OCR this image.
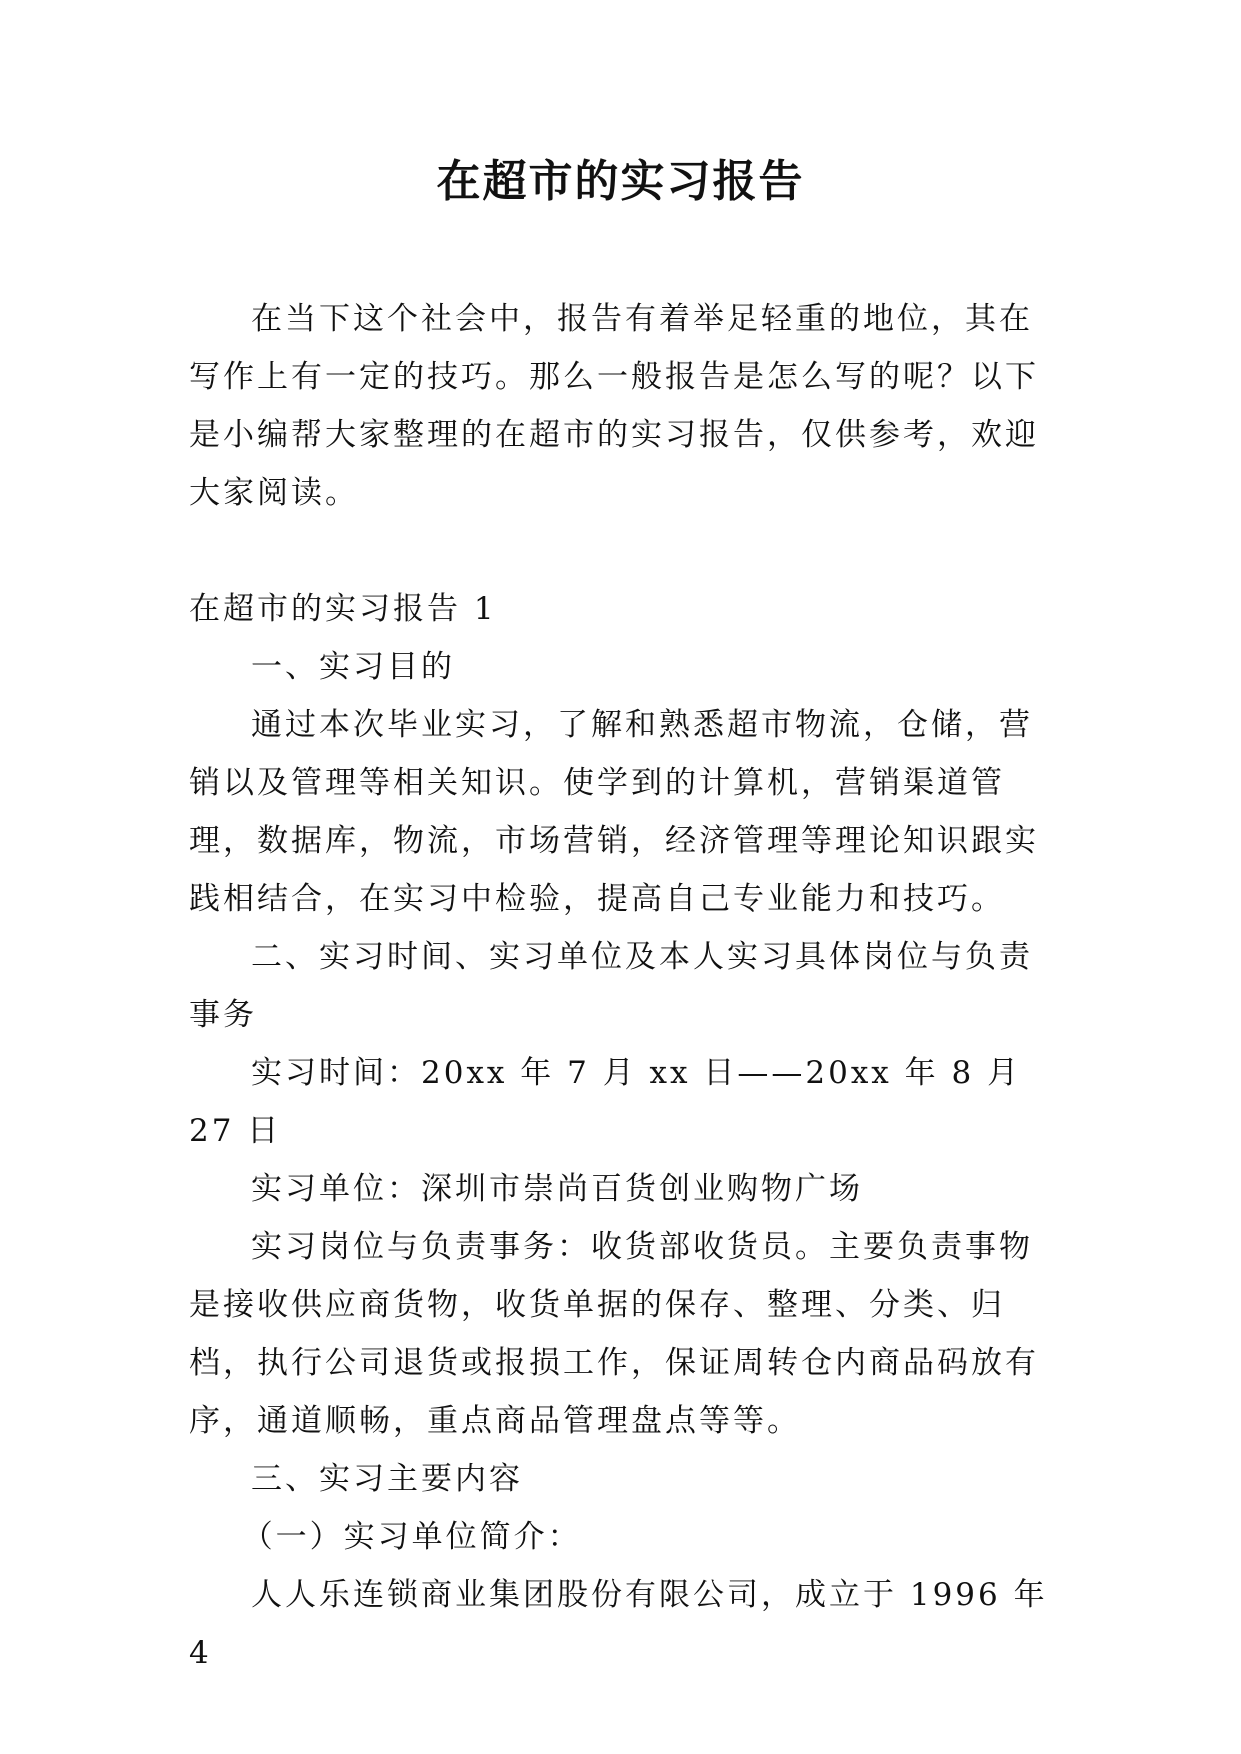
在超市的实习报告

在当下这个社会中，报告有着举足轻重的地位，其在写作上有一定的技巧。那么一般报告是怎么写的呢？以下是小编帮大家整理的在超市的实习报告，仅供参考，欢迎大家阅读。

在超市的实习报告 1

一、实习目的

通过本次毕业实习，了解和熟悉超市物流，仓储，营销以及管理等相关知识。使学到的计算机，营销渠道管理，数据库，物流，市场营销，经济管理等理论知识跟实践相结合，在实习中检验，提高自己专业能力和技巧。

二、实习时间、实习单位及本人实习具体岗位与负责事务

实习时间：20xx 年 7 月 xx 日——20xx 年 8 月 27 日

实习单位：深圳市崇尚百货创业购物广场

实习岗位与负责事务：收货部收货员。主要负责事物是接收供应商货物，收货单据的保存、整理、分类、归档，执行公司退货或报损工作，保证周转仓内商品码放有序，通道顺畅，重点商品管理盘点等等。

三、实习主要内容

（一）实习单位简介：

人人乐连锁商业集团股份有限公司，成立于 1996 年 4
